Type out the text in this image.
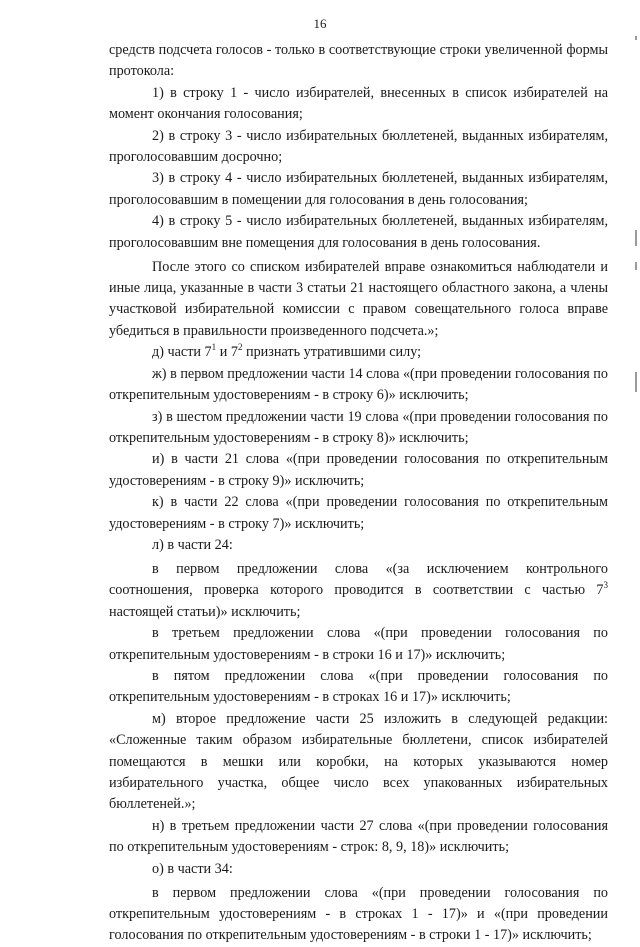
16

средств подсчета голосов - только в соответствующие строки увеличенной формы протокола:

1) в строку 1 - число избирателей, внесенных в список избирателей на момент окончания голосования;

2) в строку 3 - число избирательных бюллетеней, выданных избирателям, проголосовавшим досрочно;

3) в строку 4 - число избирательных бюллетеней, выданных избирателям, проголосовавшим в помещении для голосования в день голосования;

4) в строку 5 - число избирательных бюллетеней, выданных избирателям, проголосовавшим вне помещения для голосования в день голосования.

После этого со списком избирателей вправе ознакомиться наблюдатели и иные лица, указанные в части 3 статьи 21 настоящего областного закона, а члены участковой избирательной комиссии с правом совещательного голоса вправе убедиться в правильности произведенного подсчета.»;

д) части $7^1$ и $7^2$ признать утратившими силу;

ж) в первом предложении части 14 слова «(при проведении голосования по открепительным удостоверениям - в строку 6)» исключить;

з) в шестом предложении части 19 слова «(при проведении голосования по открепительным удостоверениям - в строку 8)» исключить;

и) в части 21 слова «(при проведении голосования по открепительным удостоверениям - в строку 9)» исключить;

к) в части 22 слова «(при проведении голосования по открепительным удостоверениям - в строку 7)» исключить;

л) в части 24:

в первом предложении слова «(за исключением контрольного соотношения, проверка которого проводится в соответствии с частью $7^3$ настоящей статьи)» исключить;

в третьем предложении слова «(при проведении голосования по открепительным удостоверениям - в строки 16 и 17)» исключить;

в пятом предложении слова «(при проведении голосования по открепительным удостоверениям - в строках 16 и 17)» исключить;

м) второе предложение части 25 изложить в следующей редакции: «Сложенные таким образом избирательные бюллетени, список избирателей помещаются в мешки или коробки, на которых указываются номер избирательного участка, общее число всех упакованных избирательных бюллетеней.»;

н) в третьем предложении части 27 слова «(при проведении голосования по открепительным удостоверениям - строк: 8, 9, 18)» исключить;

о) в части 34:

в первом предложении слова «(при проведении голосования по открепительным удостоверениям - в строках 1 - 17)» и «(при проведении голосования по открепительным удостоверениям - в строки 1 - 17)» исключить;
